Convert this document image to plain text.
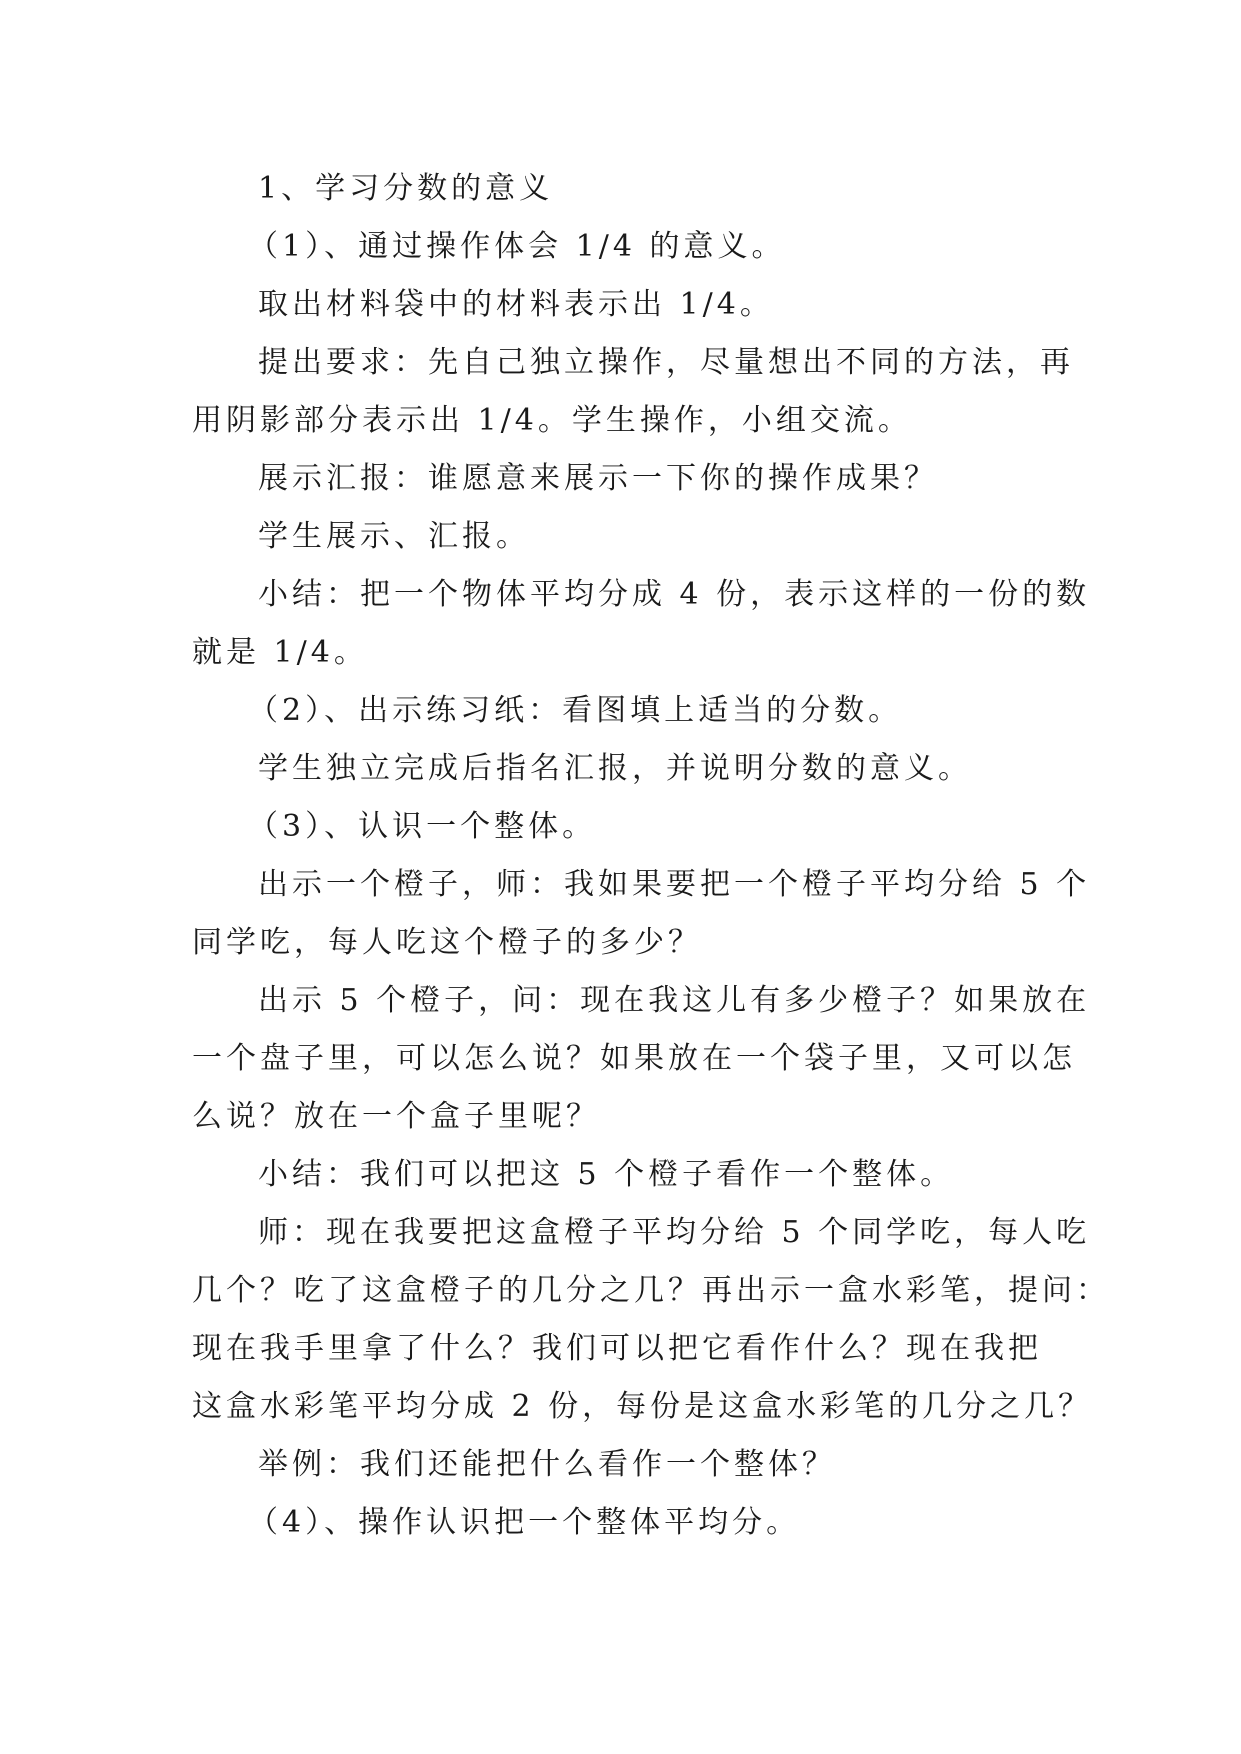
1、学习分数的意义
（1）、通过操作体会 1/4 的意义。
取出材料袋中的材料表示出 1/4。
提出要求：先自己独立操作，尽量想出不同的方法，再
用阴影部分表示出 1/4。学生操作，小组交流。
展示汇报：谁愿意来展示一下你的操作成果？
学生展示、汇报。
小结：把一个物体平均分成 4 份，表示这样的一份的数
就是 1/4。
（2）、出示练习纸：看图填上适当的分数。
学生独立完成后指名汇报，并说明分数的意义。
（3）、认识一个整体。
出示一个橙子，师：我如果要把一个橙子平均分给 5 个
同学吃，每人吃这个橙子的多少？
出示 5 个橙子，问：现在我这儿有多少橙子？如果放在
一个盘子里，可以怎么说？如果放在一个袋子里，又可以怎
么说？放在一个盒子里呢？
小结：我们可以把这 5 个橙子看作一个整体。
师：现在我要把这盒橙子平均分给 5 个同学吃，每人吃
几个？吃了这盒橙子的几分之几？再出示一盒水彩笔，提问：
现在我手里拿了什么？我们可以把它看作什么？现在我把
这盒水彩笔平均分成 2 份，每份是这盒水彩笔的几分之几？
举例：我们还能把什么看作一个整体？
（4）、操作认识把一个整体平均分。
